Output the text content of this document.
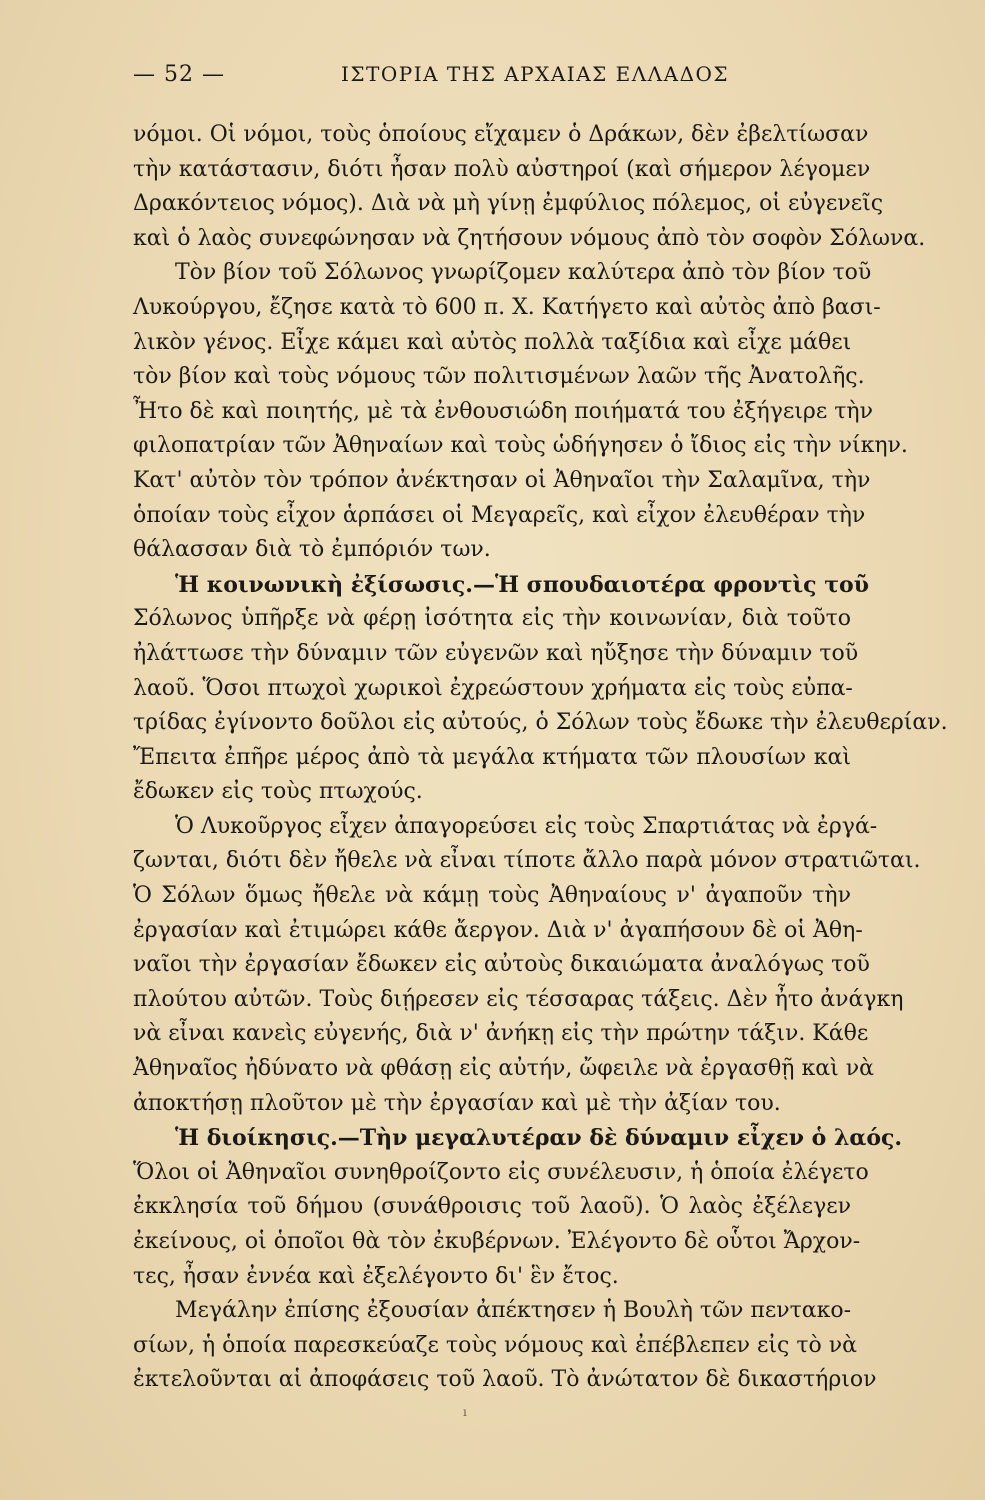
— 52 —	ΙΣΤΟΡΙΑ ΤΗΣ ΑΡΧΑΙΑΣ ΕΛΛΑΔΟΣ
νόμοι. Οἱ νόμοι, τοὺς ὁποίους εἴχαμεν ὁ Δράκων, δὲν ἐβελτίωσαν
τὴν κατάστασιν, διότι ἦσαν πολὺ αὐστηροί (καὶ σήμερον λέγομεν
Δρακόντειος νόμος). Διὰ νὰ μὴ γίνῃ ἐμφύλιος πόλεμος, οἱ εὐγενεῖς
καὶ ὁ λαὸς συνεφώνησαν νὰ ζητήσουν νόμους ἀπὸ τὸν σοφὸν Σόλωνα.
Τὸν βίον τοῦ Σόλωνος γνωρίζομεν καλύτερα ἀπὸ τὸν βίον τοῦ
Λυκούργου, ἔζησε κατὰ τὸ 600 π. Χ. Κατήγετο καὶ αὐτὸς ἀπὸ βασι-
λικὸν γένος. Εἶχε κάμει καὶ αὐτὸς πολλὰ ταξίδια καὶ εἶχε μάθει
τὸν βίον καὶ τοὺς νόμους τῶν πολιτισμένων λαῶν τῆς Ἀνατολῆς.
Ἦτο δὲ καὶ ποιητής, μὲ τὰ ἐνθουσιώδη ποιήματά του ἐξήγειρε τὴν
φιλοπατρίαν τῶν Ἀθηναίων καὶ τοὺς ὡδήγησεν ὁ ἴδιος εἰς τὴν νίκην.
Κατ' αὐτὸν τὸν τρόπον ἀνέκτησαν οἱ Ἀθηναῖοι τὴν Σαλαμῖνα, τὴν
ὁποίαν τοὺς εἶχον ἁρπάσει οἱ Μεγαρεῖς, καὶ εἶχον ἐλευθέραν τὴν
θάλασσαν διὰ τὸ ἐμπόριόν των.
Ἡ κοινωνικὴ ἐξίσωσις.—Ἡ σπουδαιοτέρα φροντὶς τοῦ
Σόλωνος ὑπῆρξε νὰ φέρῃ ἰσότητα εἰς τὴν κοινωνίαν, διὰ τοῦτο
ἠλάττωσε τὴν δύναμιν τῶν εὐγενῶν καὶ ηὔξησε τὴν δύναμιν τοῦ
λαοῦ. Ὅσοι πτωχοὶ χωρικοὶ ἐχρεώστουν χρήματα εἰς τοὺς εὐπα-
τρίδας ἐγίνοντο δοῦλοι εἰς αὐτούς, ὁ Σόλων τοὺς ἔδωκε τὴν ἐλευθερίαν.
Ἔπειτα ἐπῆρε μέρος ἀπὸ τὰ μεγάλα κτήματα τῶν πλουσίων καὶ
ἔδωκεν εἰς τοὺς πτωχούς.
Ὁ Λυκοῦργος εἶχεν ἀπαγορεύσει εἰς τοὺς Σπαρτιάτας νὰ ἐργά-
ζωνται, διότι δὲν ἤθελε νὰ εἶναι τίποτε ἄλλο παρὰ μόνον στρατιῶται.
Ὁ Σόλων ὅμως ἤθελε νὰ κάμῃ τοὺς Ἀθηναίους ν' ἀγαποῦν τὴν
ἐργασίαν καὶ ἐτιμώρει κάθε ἄεργον. Διὰ ν' ἀγαπήσουν δὲ οἱ Ἀθη-
ναῖοι τὴν ἐργασίαν ἔδωκεν εἰς αὐτοὺς δικαιώματα ἀναλόγως τοῦ
πλούτου αὐτῶν. Τοὺς διῄρεσεν εἰς τέσσαρας τάξεις. Δὲν ἦτο ἀνάγκη
νὰ εἶναι κανεὶς εὐγενής, διὰ ν' ἀνήκῃ εἰς τὴν πρώτην τάξιν. Κάθε
Ἀθηναῖος ἠδύνατο νὰ φθάσῃ εἰς αὐτήν, ὤφειλε νὰ ἐργασθῇ καὶ νὰ
ἀποκτήσῃ πλοῦτον μὲ τὴν ἐργασίαν καὶ μὲ τὴν ἀξίαν του.
Ἡ διοίκησις.—Τὴν μεγαλυτέραν δὲ δύναμιν εἶχεν ὁ λαός.
Ὅλοι οἱ Ἀθηναῖοι συνηθροίζοντο εἰς συνέλευσιν, ἡ ὁποία ἐλέγετο
ἐκκλησία τοῦ δήμου (συνάθροισις τοῦ λαοῦ). Ὁ λαὸς ἐξέλεγεν
ἐκείνους, οἱ ὁποῖοι θὰ τὸν ἐκυβέρνων. Ἐλέγοντο δὲ οὗτοι Ἄρχον-
τες, ἦσαν ἐννέα καὶ ἐξελέγοντο δι' ἓν ἔτος.
Μεγάλην ἐπίσης ἐξουσίαν ἀπέκτησεν ἡ Βουλὴ τῶν πεντακο-
σίων, ἡ ὁποία παρεσκεύαζε τοὺς νόμους καὶ ἐπέβλεπεν εἰς τὸ νὰ
ἐκτελοῦνται αἱ ἀποφάσεις τοῦ λαοῦ. Τὸ ἀνώτατον δὲ δικαστήριον
ı
